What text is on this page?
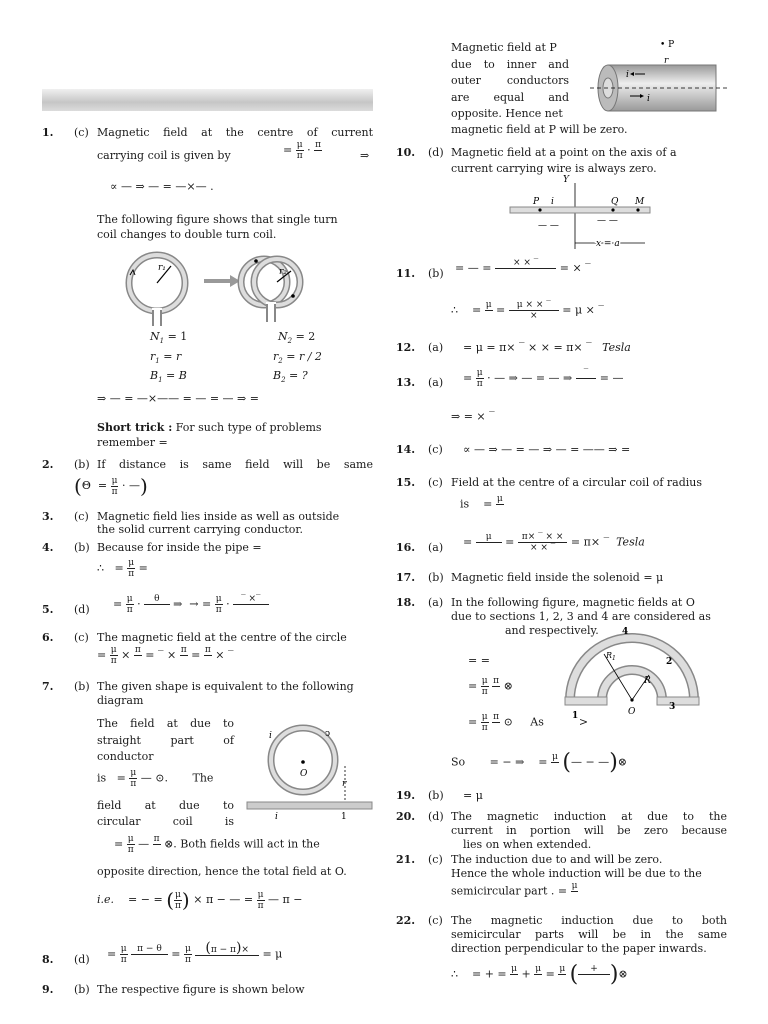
1. (c) Magnetic field at the centre of current
carrying coil is given by	= $\frac{\mu}{\pi} \cdot \pi$

⇒
∝ — ⇒ — = —×— .
The following figure shows that single turn
coil changes to double turn coil.
r₁	r₂
$N_1 = 1$	$N_2 = 2$
$r_1 = r$	$r_2 = r / 2$
$B_1 = B$	$B_2$ = ?
⇒ — = —×—— = — = — ⇒ =
Short trick : For such type of problems
remember =
2. (b) If distance is same field will be same
($\Theta = \frac{\mu}{\pi}$ · —)
3. (c) Magnetic field lies inside as well as outside
the solid current carrying conductor.
4. (b) Because for inside the pipe =
∴   = $\frac{\mu}{\pi}$ =
5. $(d) = \frac{\mu}{\pi}$ ·	θ
	⇒  → = $\frac{\mu}{\pi}$ · ‾ ×‾

6. (c) The magnetic field at the centre of the circle
= $\frac{\mu}{\pi} \times \pi$
= ‾ × π
= π
× ‾
7. (b) The given shape is equivalent to the following
diagram
The field at due to
straight part of
conductor
is   = $\frac{\mu}{\pi}$ — ⊙. The
field at due to
circular coil is
= $\frac{\mu}{\pi}$ — π
⊗. Both fields will act in the
opposite direction, hence the total field at O.
i.e. = − = ( $\frac{\mu}{\pi}$ ) × π − — = $\frac{\mu}{\pi}$ — π −
O
i	ↄ
r
i	1
8. $(d) = \frac{\mu}{\pi}$
	π − θ
= $\frac{\mu}{\pi}$
(π − π)×
	= μ
9. (b) The respective figure is shown below
Magnetic field at P
due to inner and
outer conductors
are equal and
opposite. Hence net
magnetic field at P will be zero.
• P
r
i
i
10. (d) Magnetic field at a point on the axis of a
current carrying wire is always zero.
Y
P i	Q M
— —	— —
x = a
11. (b) = — =	× × ‾
	= × ‾
∴    = μ
= μ × × ‾
×	= μ × ‾
12. (a) = μ = π× ‾ × × = π× ‾ Tesla
13. $(a) = \frac{\mu}{\pi}$ · — ⇒ — = — ⇒	‾
= —
⇒ = × ‾
14. (c) ∝ — ⇒ — = — ⇒ — = —— ⇒ =
15. (c) Field at the centre of a circular coil of radius
is    = μ

16. (a) =	μ
= π× ‾ × ×
× × ‾	= π× ‾ Tesla
17. (b) Magnetic field inside the solenoid = μ
18. (a) In the following figure, magnetic fields at O
due to sections 1, 2, 3 and 4 are considered as
and respectively.
= =
= $\frac{\mu}{\pi}$
π
⊗
= $\frac{\mu}{\pi}$
π
⊙ As	>
So = − ⇒    = μ
(— − —)⊗
$R_1$
R
O
1
2
3
4
19. (b) = μ
20. (d) The magnetic induction at due to the
current in portion will be zero because
lies on when extended.
21. (c) The induction due to and will be zero.
Hence the whole induction will be due to the
semicircular part . = μ

22. (c) The magnetic induction due to both
semicircular parts will be in the same
direction perpendicular to the paper inwards.
∴ = + = μ
+ μ
= μ
(	+
)⊗
